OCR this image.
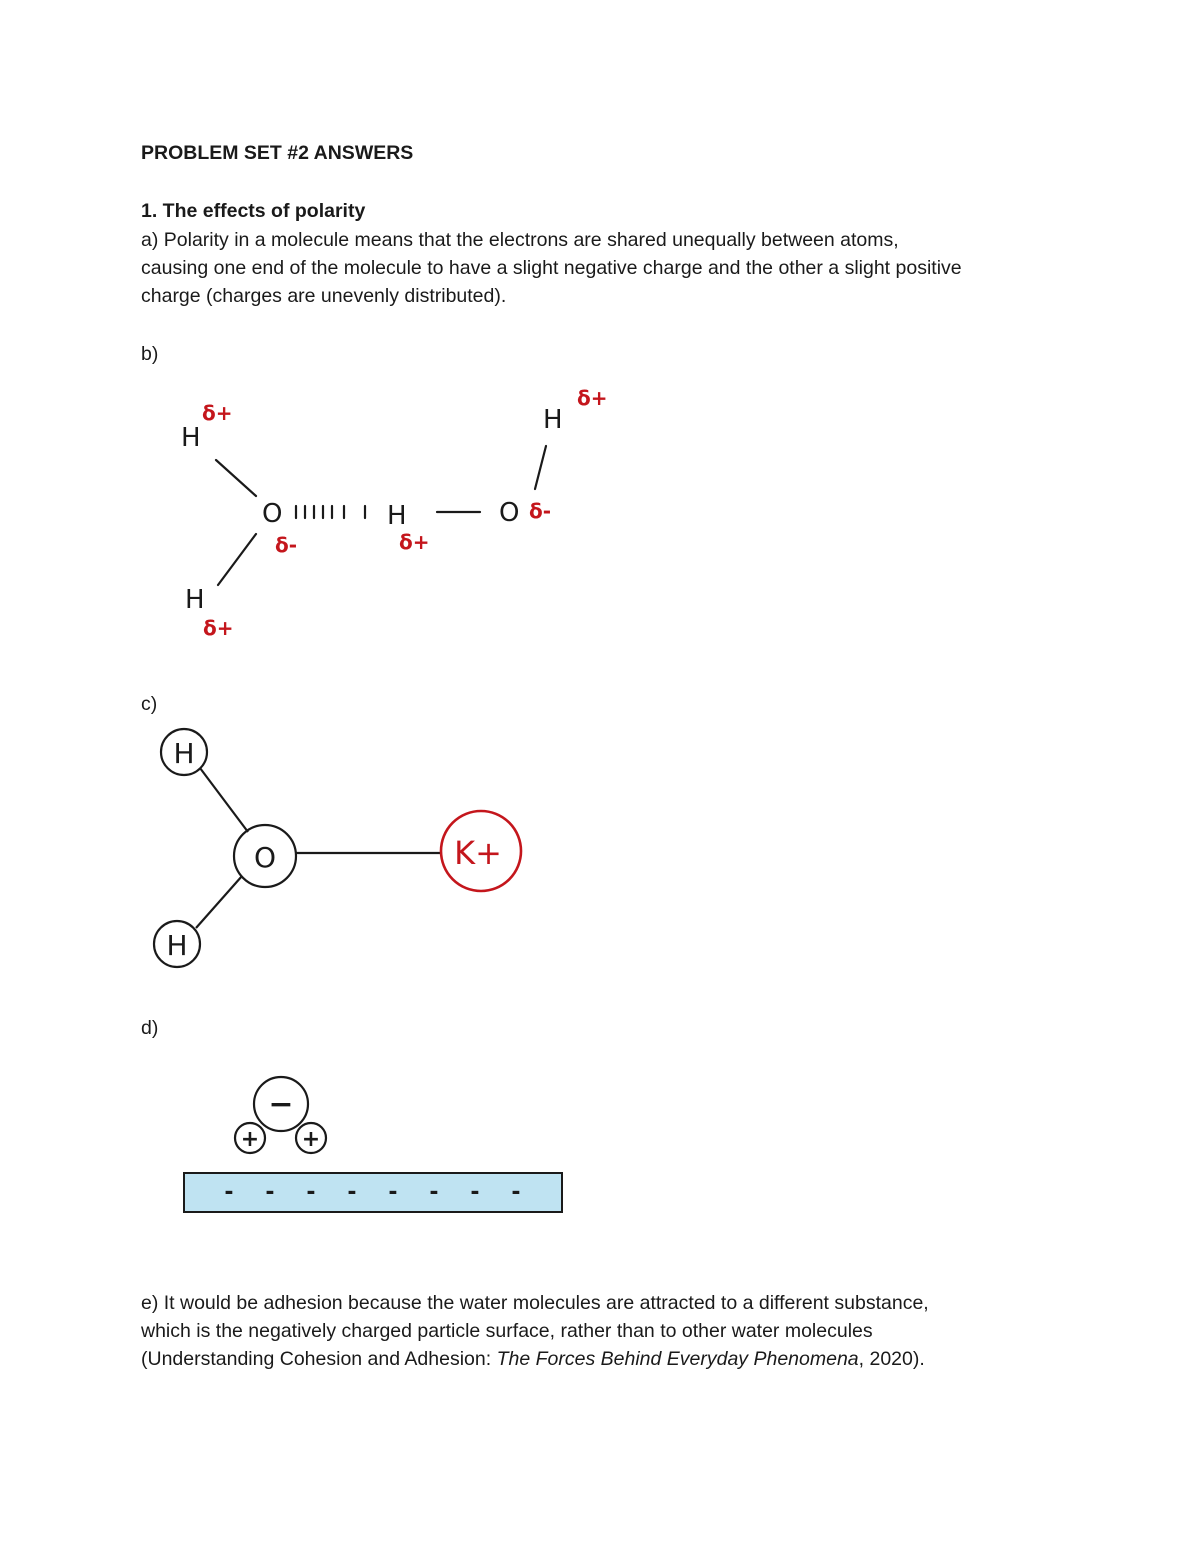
PROBLEM SET #2 ANSWERS
1. The effects of polarity
a) Polarity in a molecule means that the electrons are shared unequally between atoms,
causing one end of the molecule to have a slight negative charge and the other a slight positive
charge (charges are unevenly distributed).
b)
H
O
H
H
H
O
δ+
δ-
δ+
δ+
δ+
δ-
c)
H
O
H
K+
d)
−
+ +
- - - - - - - -
e) It would be adhesion because the water molecules are attracted to a different substance,
which is the negatively charged particle surface, rather than to other water molecules
(Understanding Cohesion and Adhesion: The Forces Behind Everyday Phenomena, 2020).
